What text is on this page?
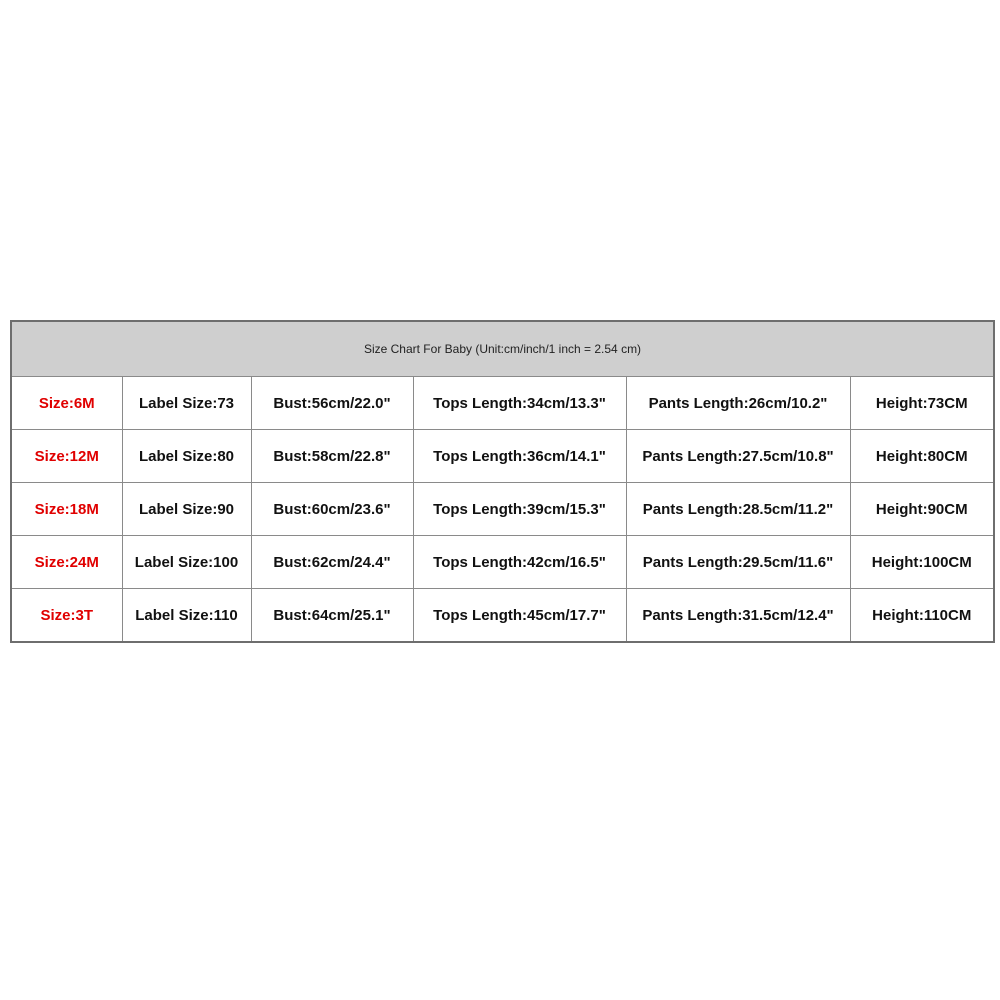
Size Chart For Baby (Unit:cm/inch/1 inch = 2.54 cm)					
Size:6M	Label Size:73	Bust:56cm/22.0"	Tops Length:34cm/13.3"	Pants Length:26cm/10.2"	Height:73CM
Size:12M	Label Size:80	Bust:58cm/22.8"	Tops Length:36cm/14.1"	Pants Length:27.5cm/10.8"	Height:80CM
Size:18M	Label Size:90	Bust:60cm/23.6"	Tops Length:39cm/15.3"	Pants Length:28.5cm/11.2"	Height:90CM
Size:24M	Label Size:100	Bust:62cm/24.4"	Tops Length:42cm/16.5"	Pants Length:29.5cm/11.6"	Height:100CM
Size:3T	Label Size:110	Bust:64cm/25.1"	Tops Length:45cm/17.7"	Pants Length:31.5cm/12.4"	Height:110CM
